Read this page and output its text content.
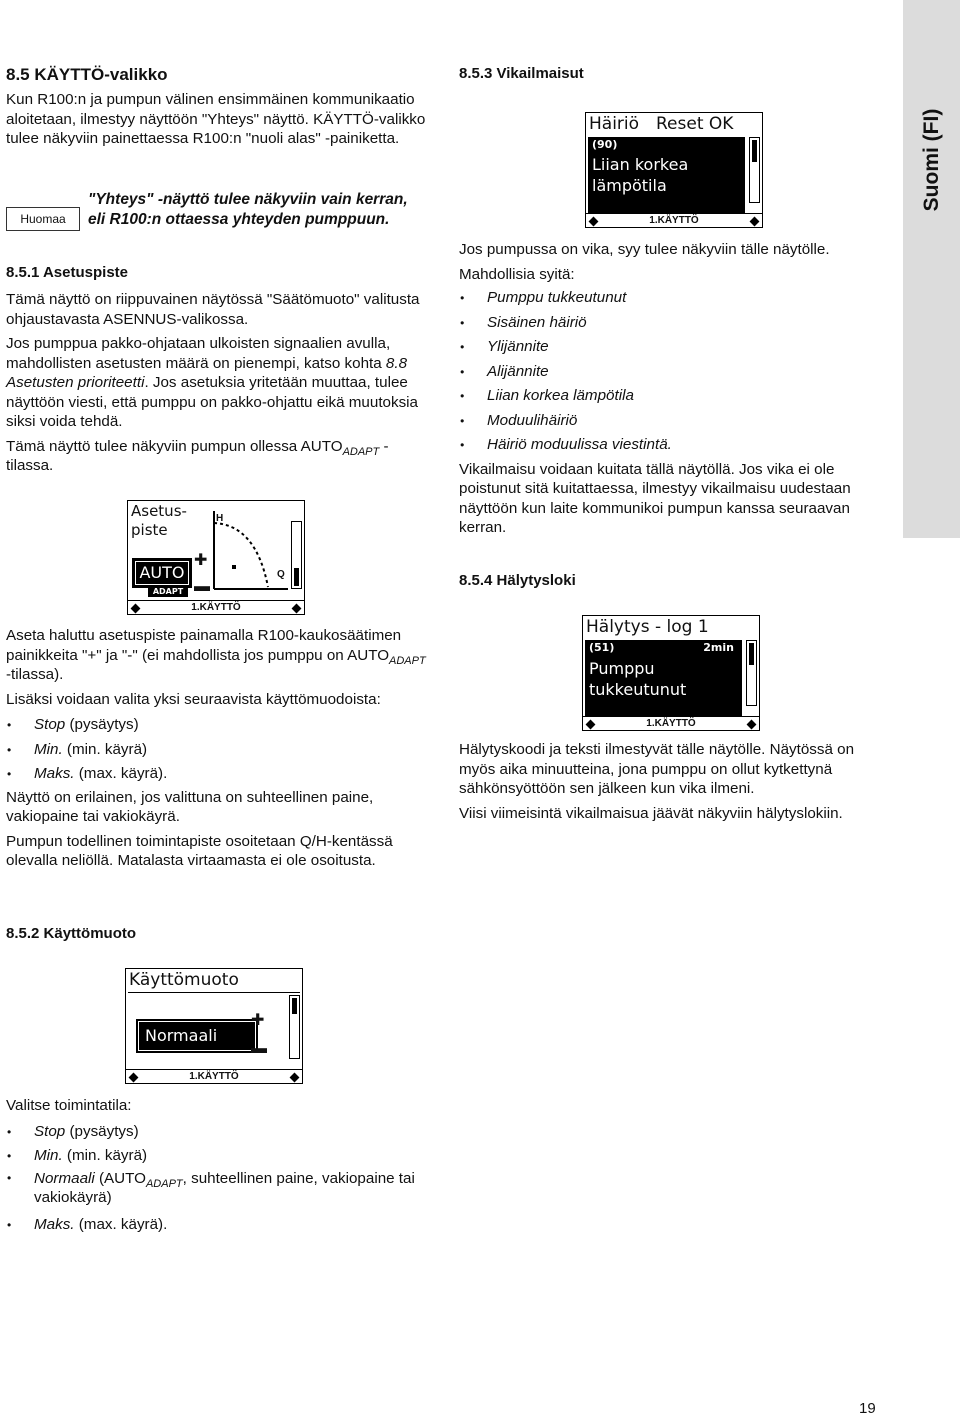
Suomi (FI)
8.5 KÄYTTÖ-valikko

Kun R100:n ja pumpun välinen ensimmäinen kommunikaatio aloitetaan, ilmestyy näyttöön "Yhteys" näyttö. KÄYTTÖ-valikko tulee näkyviin painettaessa R100:n "nuoli alas" -painiketta.

Huomaa
"Yhteys" -näyttö tulee näkyviin vain kerran, eli R100:n ottaessa yhteyden pumppuun.
8.5.1 Asetuspiste

Tämä näyttö on riippuvainen näytössä "Säätömuoto" valitusta ohjaustavasta ASENNUS-valikossa.

Jos pumppua pakko-ohjataan ulkoisten signaalien avulla, mahdollisten asetusten määrä on pienempi, katso kohta 8.8 Asetusten prioriteetti. Jos asetuksia yritetään muuttaa, tulee näyttöön viesti, että pumppu on pakko-ohjattu eikä muutoksia siksi voida tehdä.

Tämä näyttö tulee näkyviin pumpun ollessa $AUTO_{ADAPT}$ -tilassa.

Asetus-
piste
H
Q
AUTO
ADAPT
✚
▬
1.KÄYTTÖ

Aseta haluttu asetuspiste painamalla R100-kaukosäätimen painikkeita "+" ja "-" (ei mahdollista jos pumppu on $AUTO_{ADAPT}$ -tilassa).

Lisäksi voidaan valita yksi seuraavista käyttömuodoista:

• Stop (pysäytys)
• Min. (min. käyrä)
• Maks. (max. käyrä).

Näyttö on erilainen, jos valittuna on suhteellinen paine, vakiopaine tai vakiokäyrä.

Pumpun todellinen toimintapiste osoitetaan Q/H-kentässä olevalla neliöllä. Matalasta virtaamasta ei ole osoitusta.

8.5.2 Käyttömuoto
Käyttömuoto
Normaali
✚
▬
1.KÄYTTÖ

Valitse toimintatila:

• Stop (pysäytys)
• Min. (min. käyrä)
• Normaali ($AUTO_{ADAPT}$, suhteellinen paine, vakiopaine tai vakiokäyrä)
• Maks. (max. käyrä).
8.5.3 Vikailmaisut
Häiriö Reset OK
(90)
Liian korkea
lämpötila
1.KÄYTTÖ

Jos pumpussa on vika, syy tulee näkyviin tälle näytölle.

Mahdollisia syitä:

• Pumppu tukkeutunut
• Sisäinen häiriö
• Ylijännite
• Alijännite
• Liian korkea lämpötila
• Moduulihäiriö
• Häiriö moduulissa viestintä.

Vikailmaisu voidaan kuitata tällä näytöllä. Jos vika ei ole poistunut sitä kuitattaessa, ilmestyy vikailmaisu uudestaan näyttöön kun laite kommunikoi pumpun kanssa seuraavan kerran.

8.5.4 Hälytysloki
Hälytys - log 1
(51)	2min
Pumppu
tukkeutunut
1.KÄYTTÖ

Hälytyskoodi ja teksti ilmestyvät tälle näytölle. Näytössä on myös aika minuutteina, jona pumppu on ollut kytkettynä sähkönsyöttöön sen jälkeen kun vika ilmeni.

Viisi viimeisintä vikailmaisua jäävät näkyviin hälytyslokiin.

19
